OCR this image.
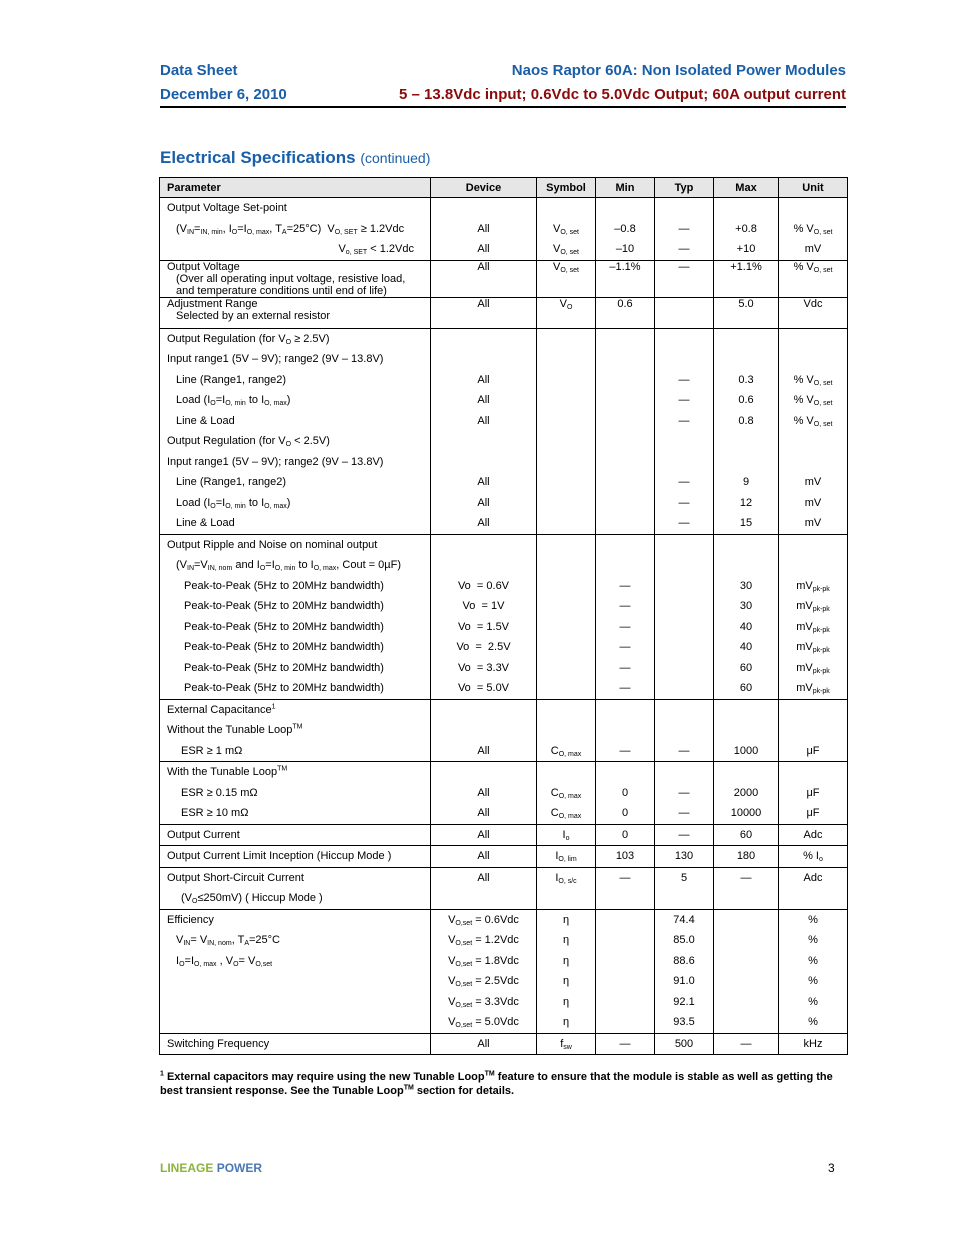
Data Sheet	Naos Raptor 60A: Non Isolated Power Modules
December 6, 2010	5 – 13.8Vdc input; 0.6Vdc to 5.0Vdc Output; 60A output current
Electrical Specifications (continued)
Parameter	Device	Symbol	Min	Typ	Max	Unit
Output Voltage Set-point						
($V_{IN}=_{IN, min}$, $I_O=I_{O, max}$, $T_A=25^\circ C$)  $V_{O, SET} \ge 1.2Vdc$	All	$V_{O, set}$	–0.8	—	+0.8	% $V_{O, set}$
$V_{o, SET} < 1.2Vdc$	All	$V_{O, set}$	–10	—	+10	mV
Output Voltage
(Over all operating input voltage, resistive load,
and temperature conditions until end of life)	All	$V_{O, set}$	–1.1%	—	+1.1%	% $V_{O, set}$
Adjustment Range
Selected by an external resistor	All	$V_O$	0.6		5.0	Vdc
Output Regulation (for $V_O \ge 2.5V$)						
Input range1 (5V – 9V); range2 (9V – 13.8V)						
Line (Range1, range2)	All			—	0.3	% $V_{O, set}$
Load ($I_O=I_{O, min}$ to $I_{O, max}$)	All			—	0.6	% $V_{O, set}$
Line & Load	All			—	0.8	% $V_{O, set}$
Output Regulation (for $V_O < 2.5V$)						
Input range1 (5V – 9V); range2 (9V – 13.8V)						
Line (Range1, range2)	All			—	9	mV
Load ($I_O=I_{O, min}$ to $I_{O, max}$)	All			—	12	mV
Line & Load	All			—	15	mV
Output Ripple and Noise on nominal output						
($V_{IN}=V_{IN, nom}$ and $I_O=I_{O, min}$ to $I_{O, max}$, Cout = 0µF)						
Peak-to-Peak (5Hz to 20MHz bandwidth)	Vo  = 0.6V		—		30	$mV_{pk-pk}$
Peak-to-Peak (5Hz to 20MHz bandwidth)	Vo  = 1V		—		30	$mV_{pk-pk}$
Peak-to-Peak (5Hz to 20MHz bandwidth)	Vo  = 1.5V		—		40	$mV_{pk-pk}$
Peak-to-Peak (5Hz to 20MHz bandwidth)	Vo  =  2.5V		—		40	$mV_{pk-pk}$
Peak-to-Peak (5Hz to 20MHz bandwidth)	Vo  = 3.3V		—		60	$mV_{pk-pk}$
Peak-to-Peak (5Hz to 20MHz bandwidth)	Vo  = 5.0V		—		60	$mV_{pk-pk}$
External Capacitance$^1$						
Without the Tunable Loop™						
ESR ≥ 1 mΩ	All	$C_{O, max}$	—	—	1000	μF
With the Tunable Loop™						
ESR ≥ 0.15 mΩ	All	$C_{O, max}$	0	—	2000	μF
ESR ≥ 10 mΩ	All	$C_{O, max}$	0	—	10000	μF
Output Current	All	$I_o$	0	—	60	Adc
Output Current Limit Inception (Hiccup Mode )	All	$I_{O, lim}$	103	130	180	% $I_o$
Output Short-Circuit Current	All	$I_{O, s/c}$	—	5	—	Adc
$(V_O\le 250mV)$ ( Hiccup Mode )						
Efficiency	$V_{O,set} = 0.6Vdc$	η		74.4		%
$V_{IN}= V_{IN, nom}$, $T_A=25^\circ C$	$V_{O,set} = 1.2Vdc$	η		85.0		%
$I_O=I_{O, max}$ , $V_O= V_{O,set}$	$V_{O,set} = 1.8Vdc$	η		88.6		%
	$V_{O,set} = 2.5Vdc$	η		91.0		%
	$V_{O,set} = 3.3Vdc$	η		92.1		%
	$V_{O,set} = 5.0Vdc$	η		93.5		%
Switching Frequency	All	$f_{sw}$	—	500	—	kHz
$^1$ External capacitors may require using the new Tunable Loop™ feature to ensure that the module is stable as well as getting the best transient response. See the Tunable Loop™ section for details.
LINEAGE POWER	3
